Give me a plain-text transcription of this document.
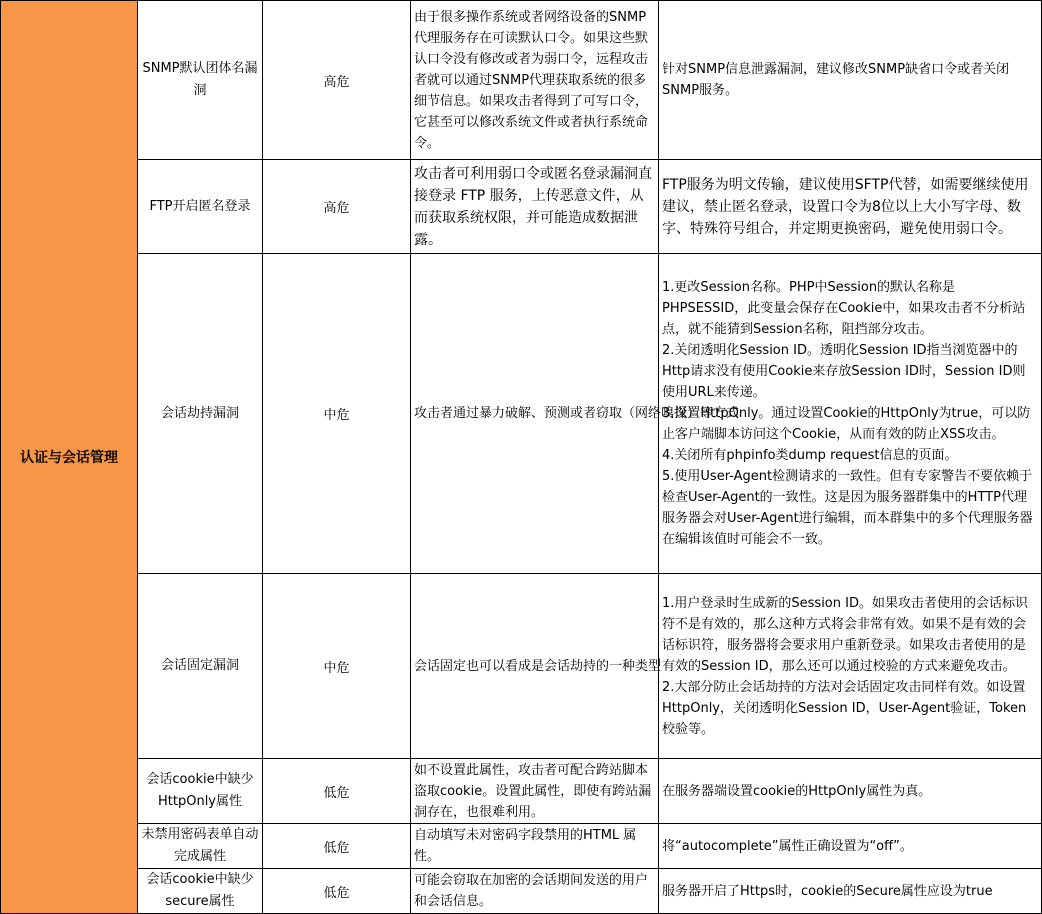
认证与会话管理	SNMP默认团体名漏洞	高危	由于很多操作系统或者网络设备的SNMP代理服务存在可读默认口令。如果这些默认口令没有修改或者为弱口令，远程攻击者就可以通过SNMP代理获取系统的很多细节信息。如果攻击者得到了可写口令，它甚至可以修改系统文件或者执行系统命令。	针对SNMP信息泄露漏洞，建议修改SNMP缺省口令或者关闭SNMP服务。

	FTP开启匿名登录	高危	攻击者可利用弱口令或匿名登录漏洞直接登录 FTP 服务，上传恶意文件，从而获取系统权限，并可能造成数据泄露。	FTP服务为明文传输，建议使用SFTP代替，如需要继续使用建议，禁止匿名登录，设置口令为8位以上大小写字母、数字、特殊符号组合，并定期更换密码，避免使用弱口令。

	会话劫持漏洞	中危	攻击者通过暴力破解、预测或者窃取（网络嗅探）等方式	1.更改Session名称。PHP中Session的默认名称是PHPSESSID，此变量会保存在Cookie中，如果攻击者不分析站点，就不能猜到Session名称，阻挡部分攻击。
2.关闭透明化Session ID。透明化Session ID指当浏览器中的Http请求没有使用Cookie来存放Session ID时，Session ID则使用URL来传递。
3.设置HttpOnly。通过设置Cookie的HttpOnly为true，可以防止客户端脚本访问这个Cookie，从而有效的防止XSS攻击。
4.关闭所有phpinfo类dump request信息的页面。
5.使用User-Agent检测请求的一致性。但有专家警告不要依赖于检查User-Agent的一致性。这是因为服务器群集中的HTTP代理服务器会对User-Agent进行编辑，而本群集中的多个代理服务器在编辑该值时可能会不一致。

	会话固定漏洞	中危	会话固定也可以看成是会话劫持的一种类型	1.用户登录时生成新的Session ID。如果攻击者使用的会话标识符不是有效的，那么这种方式将会非常有效。如果不是有效的会话标识符，服务器将会要求用户重新登录。如果攻击者使用的是有效的Session ID，那么还可以通过校验的方式来避免攻击。
2.大部分防止会话劫持的方法对会话固定攻击同样有效。如设置HttpOnly，关闭透明化Session ID，User-Agent验证，Token校验等。

	会话cookie中缺少HttpOnly属性	低危	如不设置此属性，攻击者可配合跨站脚本盗取cookie。设置此属性，即使有跨站漏洞存在，也很难利用。	在服务器端设置cookie的HttpOnly属性为真。

	未禁用密码表单自动完成属性	低危	自动填写未对密码字段禁用的HTML 属性。	将“autocomplete”属性正确设置为“off”。

	会话cookie中缺少secure属性	低危	可能会窃取在加密的会话期间发送的用户和会话信息。	服务器开启了Https时，cookie的Secure属性应设为true
